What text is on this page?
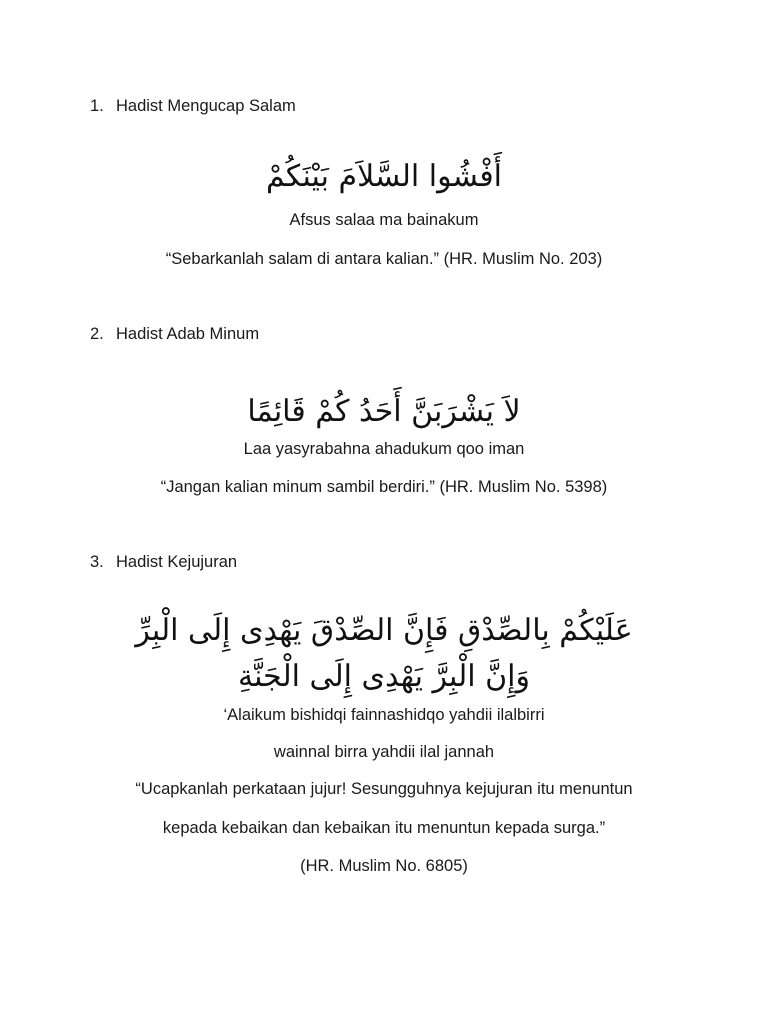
1. Hadist Mengucap Salam
أَفْشُوا السَّلاَمَ بَيْنَكُمْ
Afsus salaa ma bainakum
“Sebarkanlah salam di antara kalian.” (HR. Muslim No. 203)
2. Hadist Adab Minum
لاَ يَشْرَبَنَّ أَحَدُ كُمْ قَائِمًا
Laa yasyrabahna ahadukum qoo iman
“Jangan kalian minum sambil berdiri.” (HR. Muslim No. 5398)
3. Hadist Kejujuran
عَلَيْكُمْ بِالصِّدْقِ فَإِنَّ الصِّدْقَ يَهْدِى إِلَى الْبِرِّ
وَإِنَّ الْبِرَّ يَهْدِى إِلَى الْجَنَّةِ
‘Alaikum bishidqi fainnashidqo yahdii ilalbirri
wainnal birra yahdii ilal jannah
“Ucapkanlah perkataan jujur! Sesungguhnya kejujuran itu menuntun
kepada kebaikan dan kebaikan itu menuntun kepada surga.”
(HR. Muslim No. 6805)
